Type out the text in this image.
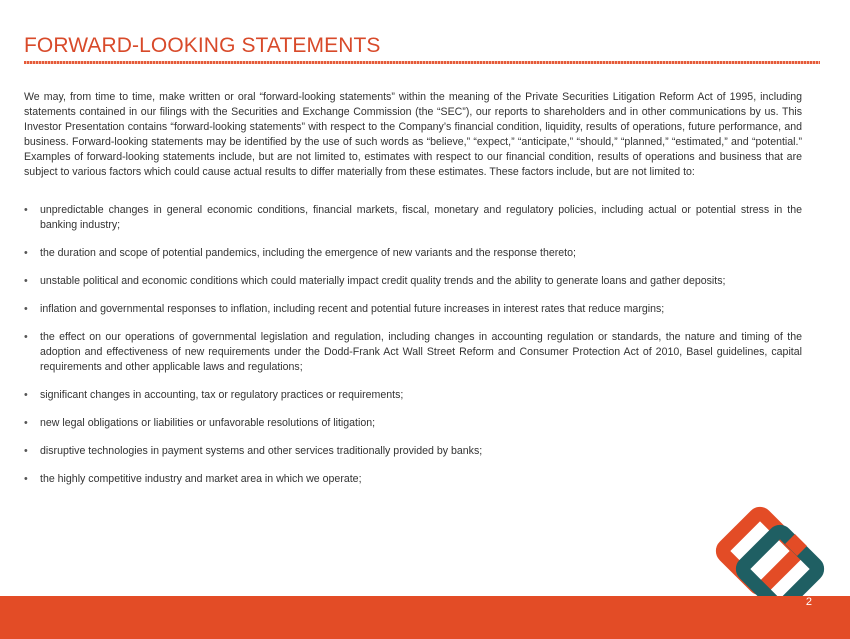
FORWARD-LOOKING STATEMENTS

We may, from time to time, make written or oral “forward-looking statements” within the meaning of the Private Securities Litigation Reform Act of 1995, including statements contained in our filings with the Securities and Exchange Commission (the “SEC”), our reports to shareholders and in other communications by us. This Investor Presentation contains “forward-looking statements” with respect to the Company’s financial condition, liquidity, results of operations, future performance, and business. Forward-looking statements may be identified by the use of such words as “believe,” “expect,” “anticipate,” “should,” “planned,” “estimated,” and “potential.” Examples of forward-looking statements include, but are not limited to, estimates with respect to our financial condition, results of operations and business that are subject to various factors which could cause actual results to differ materially from these estimates. These factors include, but are not limited to:

• unpredictable changes in general economic conditions, financial markets, fiscal, monetary and regulatory policies, including actual or potential stress in the banking industry;
• the duration and scope of potential pandemics, including the emergence of new variants and the response thereto;
• unstable political and economic conditions which could materially impact credit quality trends and the ability to generate loans and gather deposits;
• inflation and governmental responses to inflation, including recent and potential future increases in interest rates that reduce margins;
• the effect on our operations of governmental legislation and regulation, including changes in accounting regulation or standards, the nature and timing of the adoption and effectiveness of new requirements under the Dodd-Frank Act Wall Street Reform and Consumer Protection Act of 2010, Basel guidelines, capital requirements and other applicable laws and regulations;
• significant changes in accounting, tax or regulatory practices or requirements;
• new legal obligations or liabilities or unfavorable resolutions of litigation;
• disruptive technologies in payment systems and other services traditionally provided by banks;
• the highly competitive industry and market area in which we operate;
2
